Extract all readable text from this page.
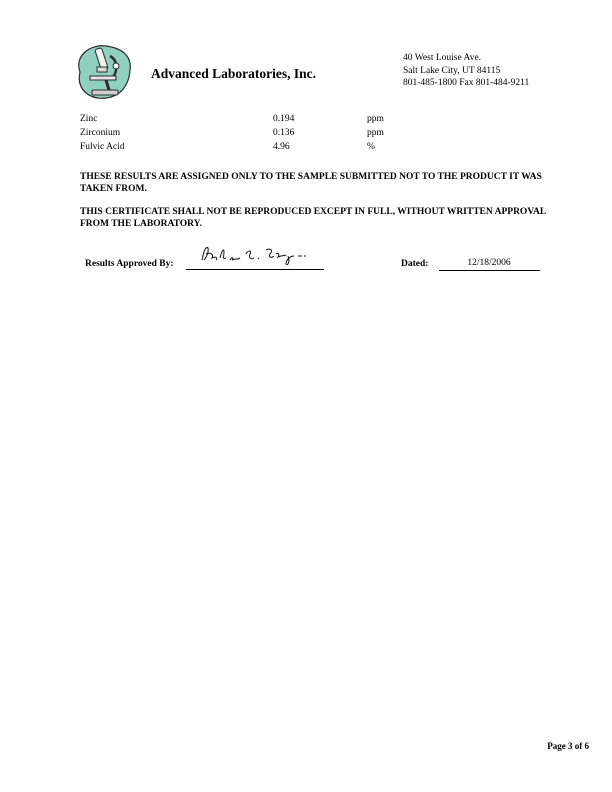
Advanced Laboratories, Inc.
40 West Louise Ave.
Salt Lake City, UT 84115
801-485-1800 Fax 801-484-9211
Zinc	0.194	ppm
Zirconium	0.136	ppm
Fulvic Acid	4.96	%
THESE RESULTS ARE ASSIGNED ONLY TO THE SAMPLE SUBMITTED NOT TO THE PRODUCT IT WAS TAKEN FROM.
THIS CERTIFICATE SHALL NOT BE REPRODUCED EXCEPT IN FULL, WITHOUT WRITTEN APPROVAL FROM THE LABORATORY.
Results Approved By:	Dated:	12/18/2006
Page 3 of 6
